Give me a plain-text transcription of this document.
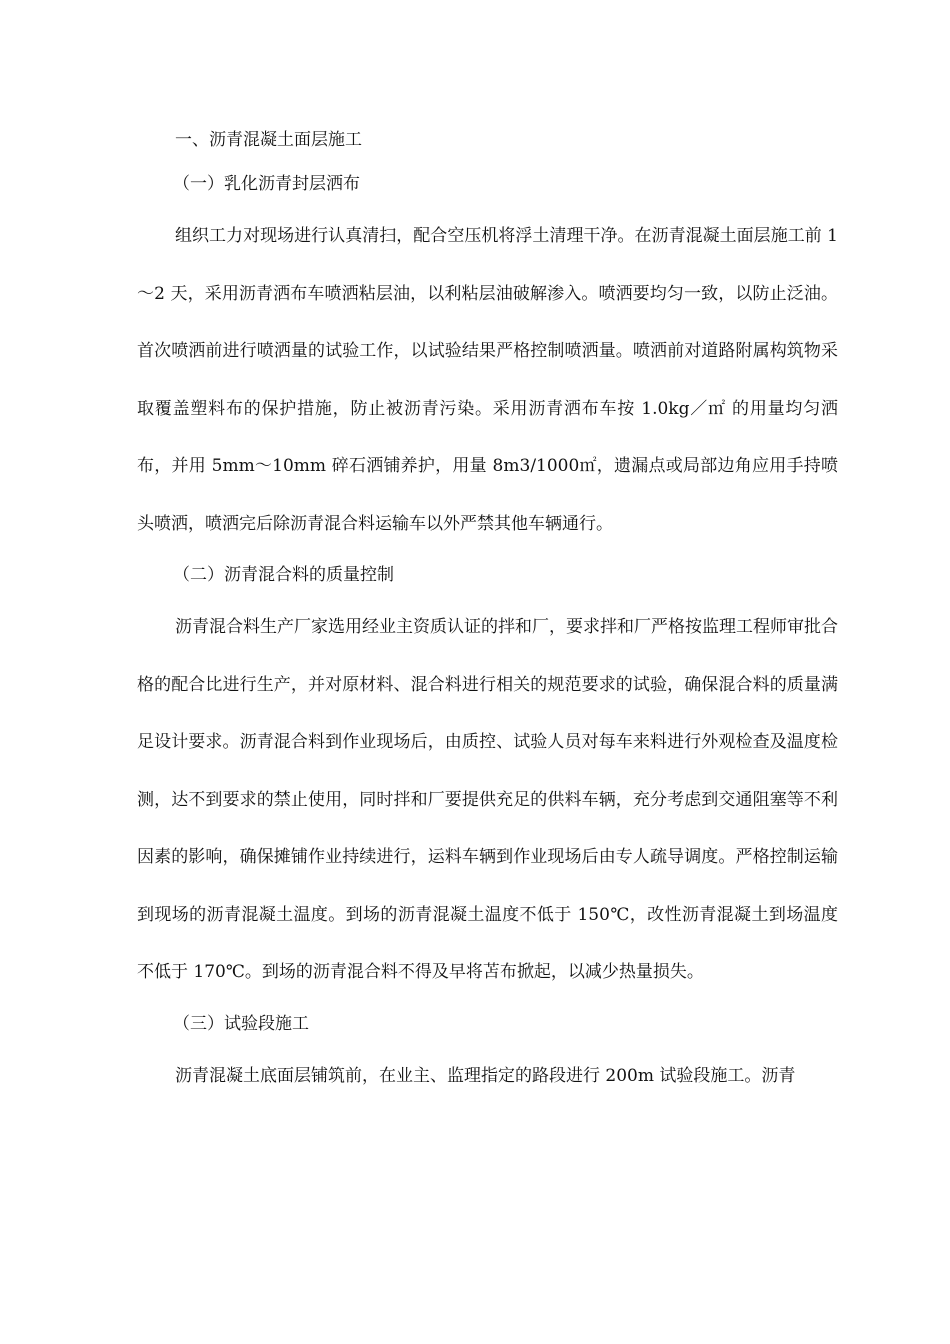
一、沥青混凝土面层施工
（一）乳化沥青封层洒布

组织工力对现场进行认真清扫，配合空压机将浮土清理干净。在沥青混凝土面层施工前 1～2 天，采用沥青洒布车喷洒粘层油，以利粘层油破解渗入。喷洒要均匀一致，以防止泛油。首次喷洒前进行喷洒量的试验工作，以试验结果严格控制喷洒量。喷洒前对道路附属构筑物采取覆盖塑料布的保护措施，防止被沥青污染。采用沥青洒布车按 1.0kg／㎡ 的用量均匀洒布，并用 5mm～10mm 碎石洒铺养护，用量 8m3/1000㎡，遗漏点或局部边角应用手持喷头喷洒，喷洒完后除沥青混合料运输车以外严禁其他车辆通行。

（二）沥青混合料的质量控制

沥青混合料生产厂家选用经业主资质认证的拌和厂，要求拌和厂严格按监理工程师审批合格的配合比进行生产，并对原材料、混合料进行相关的规范要求的试验，确保混合料的质量满足设计要求。沥青混合料到作业现场后，由质控、试验人员对每车来料进行外观检查及温度检测，达不到要求的禁止使用，同时拌和厂要提供充足的供料车辆，充分考虑到交通阻塞等不利因素的影响，确保摊铺作业持续进行，运料车辆到作业现场后由专人疏导调度。严格控制运输到现场的沥青混凝土温度。到场的沥青混凝土温度不低于 150℃，改性沥青混凝土到场温度不低于 170℃。到场的沥青混合料不得及早将苫布掀起，以减少热量损失。

（三）试验段施工

沥青混凝土底面层铺筑前，在业主、监理指定的路段进行 200m 试验段施工。沥青
